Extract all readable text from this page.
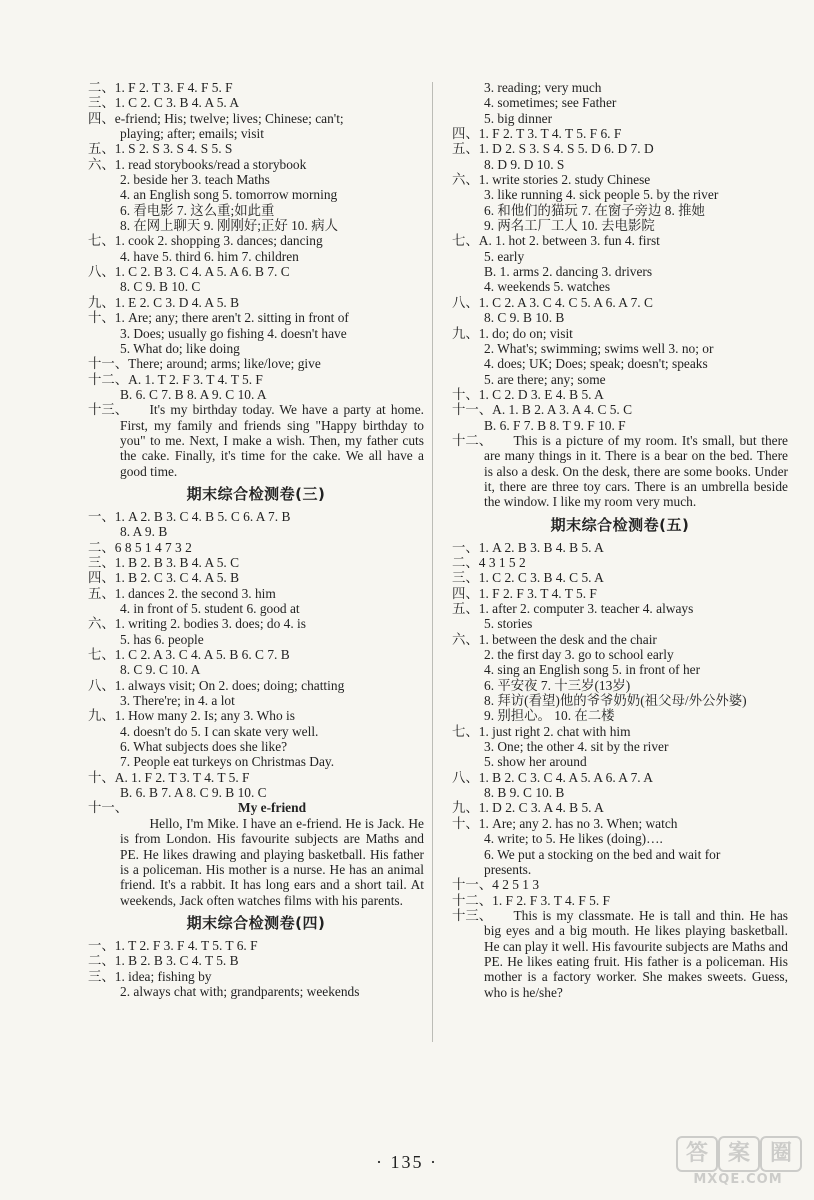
二、1. F 2. T 3. F 4. F 5. F
三、1. C 2. C 3. B 4. A 5. A
四、e-friend; His; twelve; lives; Chinese; can't;
playing; after; emails; visit
五、1. S 2. S 3. S 4. S 5. S
六、1. read storybooks/read a storybook
2. beside her 3. teach Maths
4. an English song 5. tomorrow morning
6. 看电影 7. 这么重;如此重
8. 在网上聊天 9. 刚刚好;正好 10. 病人
七、1. cook 2. shopping 3. dances; dancing
4. have 5. third 6. him 7. children
八、1. C 2. B 3. C 4. A 5. A 6. B 7. C
8. C 9. B 10. C
九、1. E 2. C 3. D 4. A 5. B
十、1. Are; any; there aren't 2. sitting in front of
3. Does; usually go fishing 4. doesn't have
5. What do; like doing
十一、There; around; arms; like/love; give
十二、A. 1. T 2. F 3. T 4. T 5. F
B. 6. C 7. B 8. A 9. C 10. A
十三、	It's my birthday today. We have a party at home. First, my family and friends sing "Happy birthday to you" to me. Next, I make a wish. Then, my father cuts the cake. Finally, it's time for the cake. We all have a good time.
期末综合检测卷(三)
一、1. A 2. B 3. C 4. B 5. C 6. A 7. B
8. A 9. B
二、6 8 5 1 4 7 3 2
三、1. B 2. B 3. B 4. A 5. C
四、1. B 2. C 3. C 4. A 5. B
五、1. dances 2. the second 3. him
4. in front of 5. student 6. good at
六、1. writing 2. bodies 3. does; do 4. is
5. has 6. people
七、1. C 2. A 3. C 4. A 5. B 6. C 7. B
8. C 9. C 10. A
八、1. always visit; On 2. does; doing; chatting
3. There're; in 4. a lot
九、1. How many 2. Is; any 3. Who is
4. doesn't do 5. I can skate very well.
6. What subjects does she like?
7. People eat turkeys on Christmas Day.
十、A. 1. F 2. T 3. T 4. T 5. F
B. 6. B 7. A 8. C 9. B 10. C
十一、	My e-friend
Hello, I'm Mike. I have an e-friend. He is Jack. He is from London. His favourite subjects are Maths and PE. He likes drawing and playing basketball. His father is a policeman. His mother is a nurse. He has an animal friend. It's a rabbit. It has long ears and a short tail. At weekends, Jack often watches films with his parents.
期末综合检测卷(四)
一、1. T 2. F 3. F 4. T 5. T 6. F
二、1. B 2. B 3. C 4. T 5. B
三、1. idea; fishing by
2. always chat with; grandparents; weekends
3. reading; very much
4. sometimes; see Father
5. big dinner
四、1. F 2. T 3. T 4. T 5. F 6. F
五、1. D 2. S 3. S 4. S 5. D 6. D 7. D
8. D 9. D 10. S
六、1. write stories 2. study Chinese
3. like running 4. sick people 5. by the river
6. 和他们的猫玩 7. 在窗子旁边 8. 推她
9. 两名工厂工人 10. 去电影院
七、A. 1. hot 2. between 3. fun 4. first
5. early
B. 1. arms 2. dancing 3. drivers
4. weekends 5. watches
八、1. C 2. A 3. C 4. C 5. A 6. A 7. C
8. C 9. B 10. B
九、1. do; do on; visit
2. What's; swimming; swims well 3. no; or
4. does; UK; Does; speak; doesn't; speaks
5. are there; any; some
十、1. C 2. D 3. E 4. B 5. A
十一、A. 1. B 2. A 3. A 4. C 5. C
B. 6. F 7. B 8. T 9. F 10. F
十二、	This is a picture of my room. It's small, but there are many things in it. There is a bear on the bed. There is also a desk. On the desk, there are some books. Under it, there are three toy cars. There is an umbrella beside the window. I like my room very much.
期末综合检测卷(五)
一、1. A 2. B 3. B 4. B 5. A
二、4 3 1 5 2
三、1. C 2. C 3. B 4. C 5. A
四、1. F 2. F 3. T 4. T 5. F
五、1. after 2. computer 3. teacher 4. always
5. stories
六、1. between the desk and the chair
2. the first day 3. go to school early
4. sing an English song 5. in front of her
6. 平安夜 7. 十三岁(13岁)
8. 拜访(看望)他的爷爷奶奶(祖父母/外公外婆)
9. 别担心。 10. 在二楼
七、1. just right 2. chat with him
3. One; the other 4. sit by the river
5. show her around
八、1. B 2. C 3. C 4. A 5. A 6. A 7. A
8. B 9. C 10. B
九、1. D 2. C 3. A 4. B 5. A
十、1. Are; any 2. has no 3. When; watch
4. write; to 5. He likes (doing)….
6. We put a stocking on the bed and wait for
presents.
十一、4 2 5 1 3
十二、1. F 2. F 3. T 4. F 5. F
十三、	This is my classmate. He is tall and thin. He has big eyes and a big mouth. He likes playing basketball. He can play it well. His favourite subjects are Maths and PE. He likes eating fruit. His father is a policeman. His mother is a factory worker. She makes sweets. Guess, who is he/she?
· 135 ·	答 案 圈
MXQE.COM
